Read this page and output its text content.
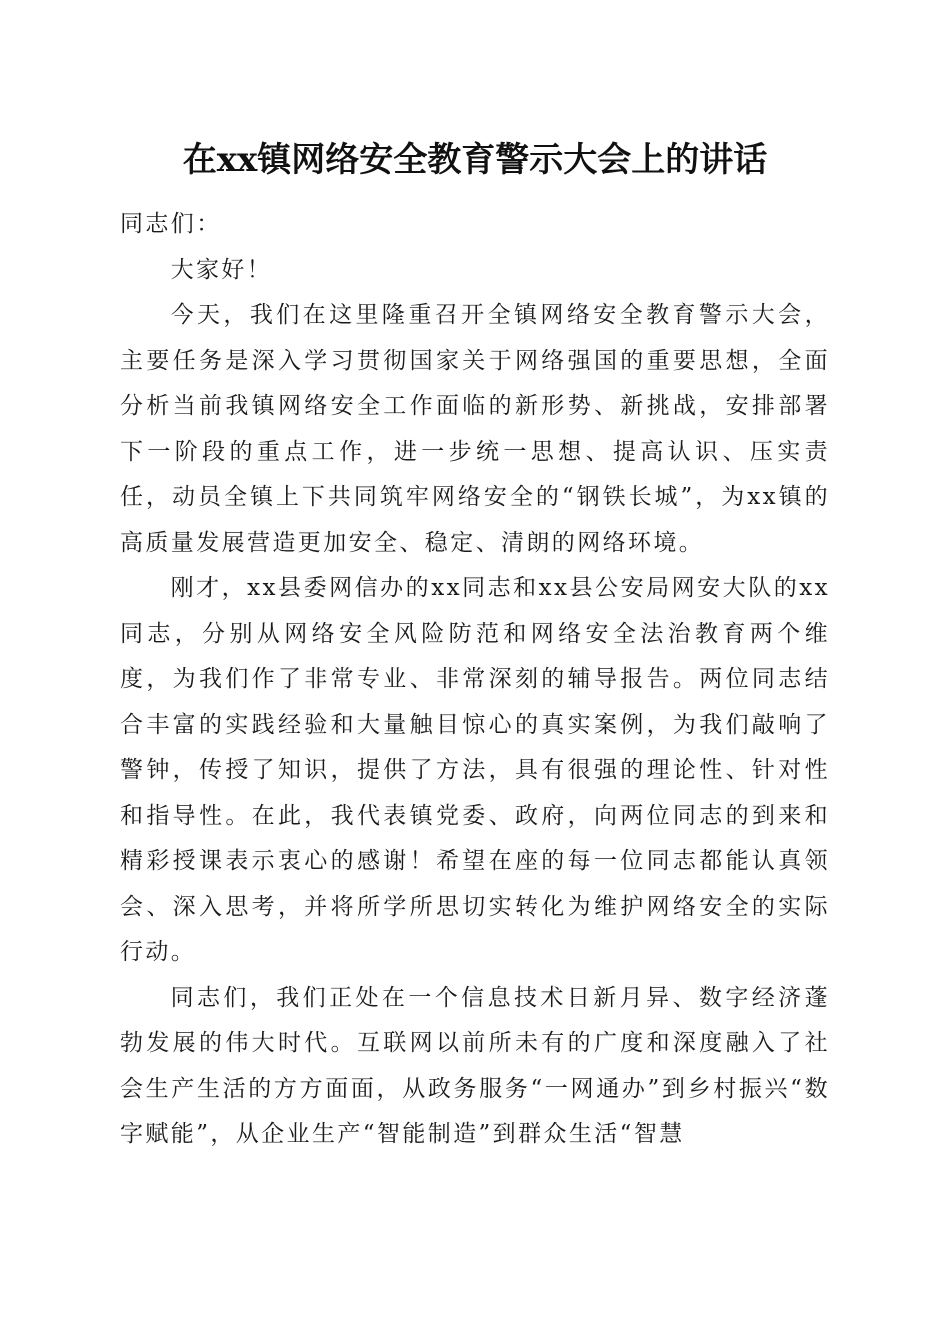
在xx镇网络安全教育警示大会上的讲话

同志们：

大家好！

今天，我们在这里隆重召开全镇网络安全教育警示大会，主要任务是深入学习贯彻国家关于网络强国的重要思想，全面分析当前我镇网络安全工作面临的新形势、新挑战，安排部署下一阶段的重点工作，进一步统一思想、提高认识、压实责任，动员全镇上下共同筑牢网络安全的“钢铁长城”，为xx镇的高质量发展营造更加安全、稳定、清朗的网络环境。

刚才，xx县委网信办的xx同志和xx县公安局网安大队的xx同志，分别从网络安全风险防范和网络安全法治教育两个维度，为我们作了非常专业、非常深刻的辅导报告。两位同志结合丰富的实践经验和大量触目惊心的真实案例，为我们敲响了警钟，传授了知识，提供了方法，具有很强的理论性、针对性和指导性。在此，我代表镇党委、政府，向两位同志的到来和精彩授课表示衷心的感谢！希望在座的每一位同志都能认真领会、深入思考，并将所学所思切实转化为维护网络安全的实际行动。

同志们，我们正处在一个信息技术日新月异、数字经济蓬勃发展的伟大时代。互联网以前所未有的广度和深度融入了社会生产生活的方方面面，从政务服务“一网通办”到乡村振兴“数字赋能”，从企业生产“智能制造”到群众生活“智慧
